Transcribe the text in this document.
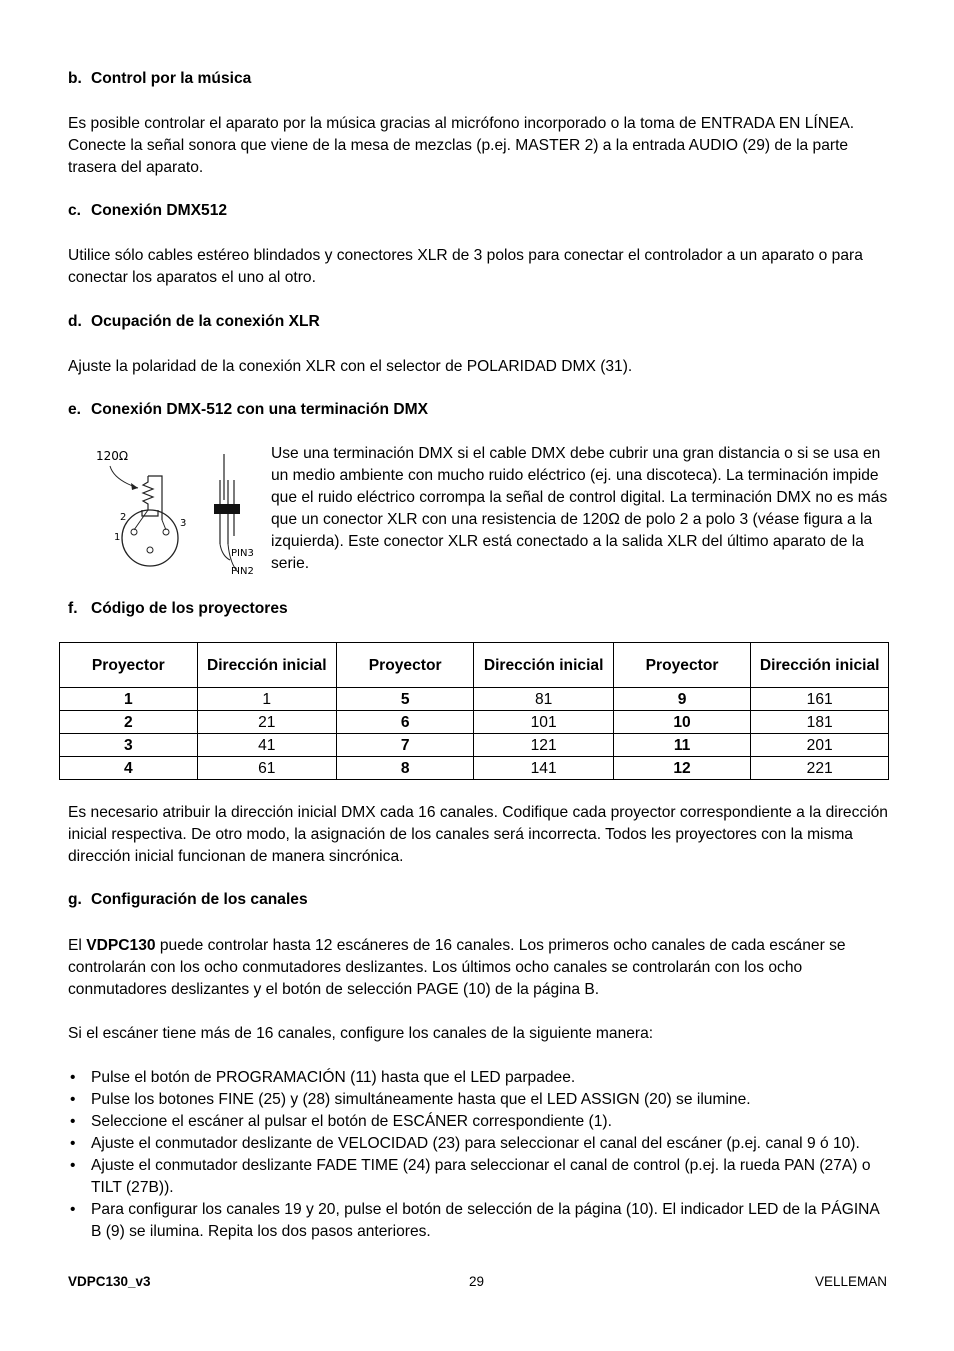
b. Control por la música

Es posible controlar el aparato por la música gracias al micrófono incorporado o la toma de ENTRADA EN LÍNEA. Conecte la señal sonora que viene de la mesa de mezclas (p.ej. MASTER 2) a la entrada AUDIO (29) de la parte trasera del aparato.

c. Conexión DMX512

Utilice sólo cables estéreo blindados y conectores XLR de 3 polos para conectar el controlador a un aparato o para conectar los aparatos el uno al otro.

d. Ocupación de la conexión XLR

Ajuste la polaridad de la conexión XLR con el selector de POLARIDAD DMX (31).

e. Conexión DMX-512 con una terminación DMX
120Ω
2
1
3
PIN3
PIN2

Use una terminación DMX si el cable DMX debe cubrir una gran distancia o si se usa en un medio ambiente con mucho ruido eléctrico (ej. una discoteca). La terminación impide que el ruido eléctrico corrompa la señal de control digital. La terminación DMX no es más que un conector XLR con una resistencia de 120Ω de polo 2 a polo 3 (véase figura a la izquierda). Este conector XLR está conectado a la salida XLR del último aparato de la serie.

f. Código de los proyectores
Proyector	Dirección inicial	Proyector	Dirección inicial	Proyector	Dirección inicial
1	1	5	81	9	161
2	21	6	101	10	181
3	41	7	121	11	201
4	61	8	141	12	221

Es necesario atribuir la dirección inicial DMX cada 16 canales. Codifique cada proyector correspondiente a la dirección inicial respectiva. De otro modo, la asignación de los canales será incorrecta. Todos les proyectores con la misma dirección inicial funcionan de manera sincrónica.

g. Configuración de los canales

El VDPC130 puede controlar hasta 12 escáneres de 16 canales. Los primeros ocho canales de cada escáner se controlarán con los ocho conmutadores deslizantes. Los últimos ocho canales se controlarán con los ocho conmutadores deslizantes y el botón de selección PAGE (10) de la página B.

Si el escáner tiene más de 16 canales, configure los canales de la siguiente manera:

• Pulse el botón de PROGRAMACIÓN (11) hasta que el LED parpadee.
• Pulse los botones FINE (25) y (28) simultáneamente hasta que el LED ASSIGN (20) se ilumine.
• Seleccione el escáner al pulsar el botón de ESCÁNER correspondiente (1).
• Ajuste el conmutador deslizante de VELOCIDAD (23) para seleccionar el canal del escáner (p.ej. canal 9 ó 10).
• Ajuste el conmutador deslizante FADE TIME (24) para seleccionar el canal de control (p.ej. la rueda PAN (27A) o TILT (27B)).
• Para configurar los canales 19 y 20, pulse el botón de selección de la página (10). El indicador LED de la PÁGINA B (9) se ilumina. Repita los dos pasos anteriores.
VDPC130_v3	29	VELLEMAN
